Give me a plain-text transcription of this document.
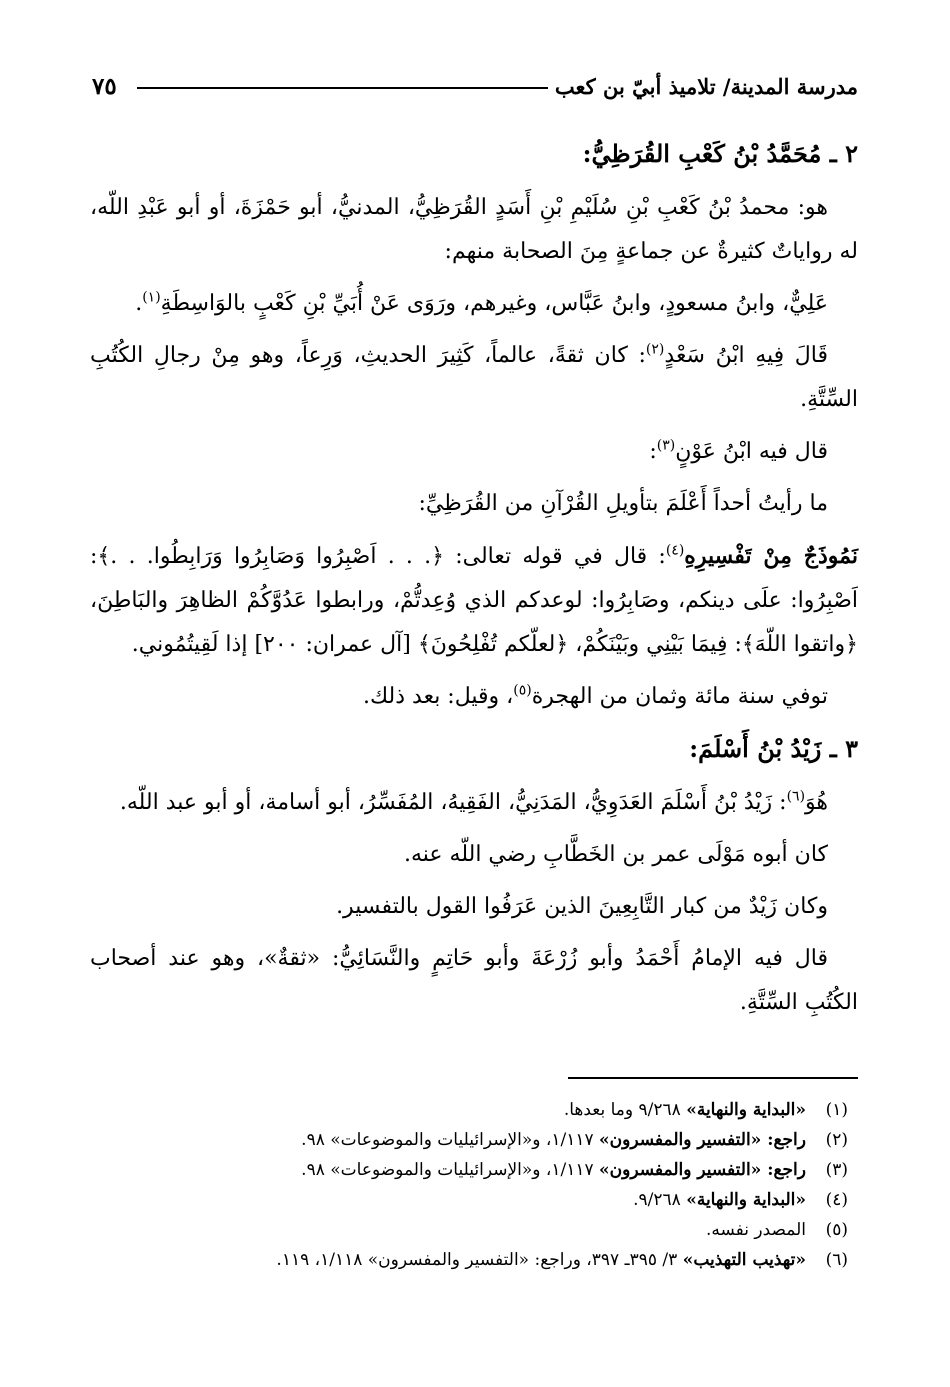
٧٥	مدرسة المدينة/ تلاميذ أبيّ بن كعب

٢ ـ مُحَمَّدُ بْنُ كَعْبِ القُرَظِيُّ:

هو: محمدُ بْنُ كَعْبِ بْنِ سُلَيْمِ بْنِ أَسَدٍ القُرَظِيُّ، المدنيُّ، أبو حَمْزَةَ، أو أبو عَبْدِ اللّه، له رواياتٌ كثيرةٌ عن جماعةٍ مِنَ الصحابة منهم:

عَلِيٌّ، وابنُ مسعودٍ، وابنُ عَبَّاس، وغيرهم، ورَوَى عَنْ أُبَيِّ بْنِ كَعْبٍ بالوَاسِطَةِ$^{(١)}$.

قَالَ فِيهِ ابْنُ سَعْدٍ$^{(٢)}$: كان ثقةً، عالماً، كَثِيرَ الحديثِ، وَرِعاً، وهو مِنْ رجالِ الكُتُبِ السِّتَّةِ.

قال فيه ابْنُ عَوْنٍ$^{(٣)}$:

ما رأيتُ أحداً أَعْلَمَ بتأويلِ القُرْآنِ من القُرَظِيِّ:

نَمُوذَجٌ مِنْ تَفْسِيرِهِ$^{(٤)}$: قال في قوله تعالى: ﴿. . . اَصْبِرُوا وَصَابِرُوا وَرَابِطُوا. . .﴾: اَصْبِرُوا: علَى دينكم، وصَابِرُوا: لوعدكم الذي وُعِدتُّمْ، ورابطوا عَدُوَّكُمْ الظاهِرَ والبَاطِنَ، ﴿واتقوا اللّهَ﴾: فِيمَا بَيْنِي وبَيْنَكُمْ، ﴿لعلّكم تُفْلِحُونَ﴾ [آل عمران: ٢٠٠] إذا لَقِيتُمُوني.

توفي سنة مائة وثمان من الهجرة$^{(٥)}$، وقيل: بعد ذلك.

٣ ـ زَيْدُ بْنُ أَسْلَمَ:

هُوَ$^{(٦)}$: زَيْدُ بْنُ أَسْلَمَ العَدَوِيُّ، المَدَنِيُّ، الفَقِيهُ، المُفَسِّرُ، أبو أسامة، أو أبو عبد اللّه.

كان أبوه مَوْلَى عمر بن الخَطَّابِ رضي اللّه عنه.

وكان زَيْدٌ من كبار التَّابِعِينَ الذين عَرَفُوا القول بالتفسير.

قال فيه الإمامُ أَحْمَدُ وأبو زُرْعَةَ وأبو حَاتِمٍ والنَّسَائِيُّ: «ثقةٌ»، وهو عند أصحاب الكُتُبِ السِّتَّةِ.

(١)«البداية والنهاية» ٩/٢٦٨ وما بعدها.
(٢)راجع: «التفسير والمفسرون» ١/١١٧، و«الإسرائيليات والموضوعات» ٩٨.
(٣)راجع: «التفسير والمفسرون» ١/١١٧، و«الإسرائيليات والموضوعات» ٩٨.
(٤)«البداية والنهاية» ٩/٢٦٨.
(٥)المصدر نفسه.
(٦)«تهذيب التهذيب» ٣/ ٣٩٥ـ ٣٩٧، وراجع: «التفسير والمفسرون» ١/١١٨، ١١٩.
